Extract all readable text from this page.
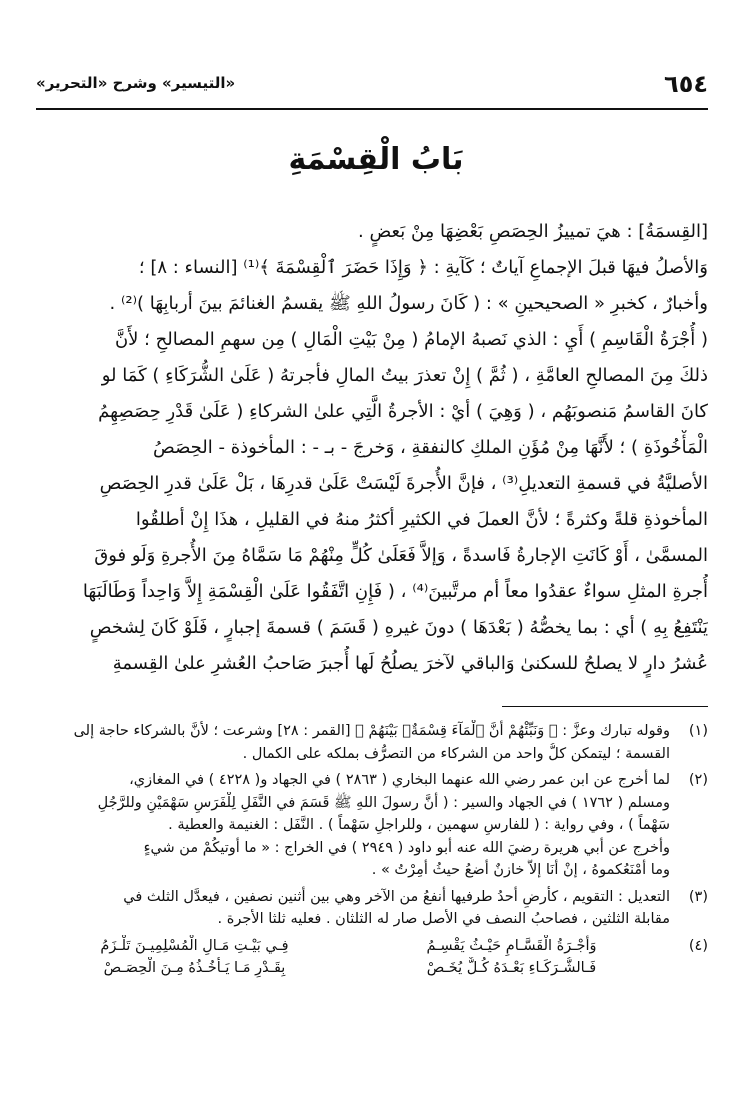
٦٥٤
«التيسير» وشرح «التحرير»
بَابُ الْقِسْمَةِ
[القِسمَةُ] : هيَ تمييزُ الحِصَصِ بَعْضِهَا مِنْ بَعضٍ .
وَالأصلُ فيهَا قبلَ الإجماعِ آياتٌ ؛ كَآيةِ : ﴿ وَإِذَا حَضَرَ ٱلْقِسْمَةَ ﴾⁽¹⁾ [النساء : ٨] ؛
وأخبارٌ ، كخبرِ « الصحيحينِ » : ( كَانَ رسولُ اللهِ ﷺ يقسمُ الغنائمَ بينَ أربابِهَا )⁽²⁾ .
( أُجْرَةُ الْقَاسِمِ ) أَيِ : الذي نَصبهُ الإمامُ ( مِنْ بَيْتِ الْمَالِ ) مِن سهمِ المصالحِ ؛ لأَنَّ
ذلكَ مِنَ المصالحِ العامَّةِ ، ( ثُمَّ ) إِنْ تعذرَ بيتُ المالِ فأجرتهُ ( عَلَىٰ الشُّرَكَاءِ ) كَمَا لو
كانَ القاسمُ مَنصوبَهُم ، ( وَهِيَ ) أيْ : الأجرةُ الَّتِي علىٰ الشركاءِ ( عَلَىٰ قَدْرِ حِصَصِهِمُ
الْمَأْخُوذَةِ ) ؛ لأَنَّهَا مِنْ مُؤَنِ الملكِ كالنفقةِ ، وَخرجَ - بـ - : المأخوذة - الحِصَصُ
الأصليَّةُ في قسمةِ التعديلِ⁽³⁾ ، فإنَّ الأُجرةَ لَيْسَتْ عَلَىٰ قدرِهَا ، بَلْ عَلَىٰ قدرِ الحِصَصِ
المأخوذةِ قلةً وكثرةً ؛ لأنَّ العملَ في الكثيرِ أكثرُ منهُ في القليلِ ، هذَا إِنْ أطلقُوا
المسمَّىٰ ، أَوْ كَانَتِ الإجارةُ فَاسدةً ، وَإلاَّ فَعَلَىٰ كُلٍّ مِنْهُمْ مَا سَمَّاهُ مِنَ الأُجرةِ وَلَو فوقَ
أُجرةِ المثلِ سواءٌ عقدُوا معاً أم مرتَّبينَ⁽⁴⁾ ، ( فَإِنِ اتَّفَقُوا عَلَىٰ الْقِسْمَةِ إِلاَّ وَاحِداً وَطَالَبَهَا
يَنْتَفِعُ بِهِ ) أي : بما يخصُّهُ ( بَعْدَهَا ) دونَ غيرهِ ( قَسَمَ ) قسمةَ إجبارٍ ، فَلَوْ كَانَ لِشخصٍ
عُشرُ دارٍ لا يصلحُ للسكنىٰ وَالباقي لآخرَ يصلُحُ لَها أُجبرَ صَاحبُ العُشرِ علىٰ القِسمةِ
(١)
وقوله تبارك وعزَّ : ﴿ وَنَبِّئْهُمْ أَنَّ ٱلْمَآءَ قِسْمَةٌۢ بَيْنَهُمْ ﴾ [القمر : ٢٨] وشرعت ؛ لأنَّ بالشركاء حاجة إلى
القسمة ؛ ليتمكن كلُّ واحد من الشركاء من التصرُّف بملكه على الكمال .
(٢)
لما أخرج عن ابن عمر رضي الله عنهما البخاري ( ٢٨٦٣ ) في الجهاد و( ٤٢٢٨ ) في المغازي،
ومسلم ( ١٧٦٢ ) في الجهاد والسير : ( أَنَّ رسولَ اللهِ ﷺ قَسَمَ في النَّفَلِ لِلْفَرَسِ سَهْمَيْنِ وللرَّجُلِ
سَهْماً ) ، وفي رواية : ( للفارسِ سهمين ، وللراجلِ سَهْماً ) . النَّفَل : الغنيمة والعطية .
وأخرج عن أبي هريرة رضيَ الله عنه أبو داود ( ٢٩٤٩ ) في الخراج : « ما أُوتيكُمْ من شيءٍ
وما أَمْنَعُكموهُ ، إنْ أنَا إلاَّ خازنٌ أضعُ حيثُ أُمِرْتُ » .
(٣)
التعديل : التقويم ، كأرضٍ أحدُ طرفيها أنفعُ من الآخر وهي بين أثنين نصفين ، فيعدَّل الثلث في
مقابلة الثلثين ، فصاحبُ النصف في الأصل صار له الثلثان . فعليه ثلثا الأجرة .
(٤)
وَأُجْـرَةُ الْقَسَّـامِ حَيْـثُ يَقْسِـمُ
فِـي بَيْـتِ مَـالِ الْمُسْلِمِيـنَ تَلْـزَمُ
فَـالشُّـرَكَـاءِ بَعْـدَهُ كُـلٌّ يُخَـصْ
بِقَـدْرِ مَـا يَـأْخُـذُهُ مِـنَ الْحِصَـصْ
